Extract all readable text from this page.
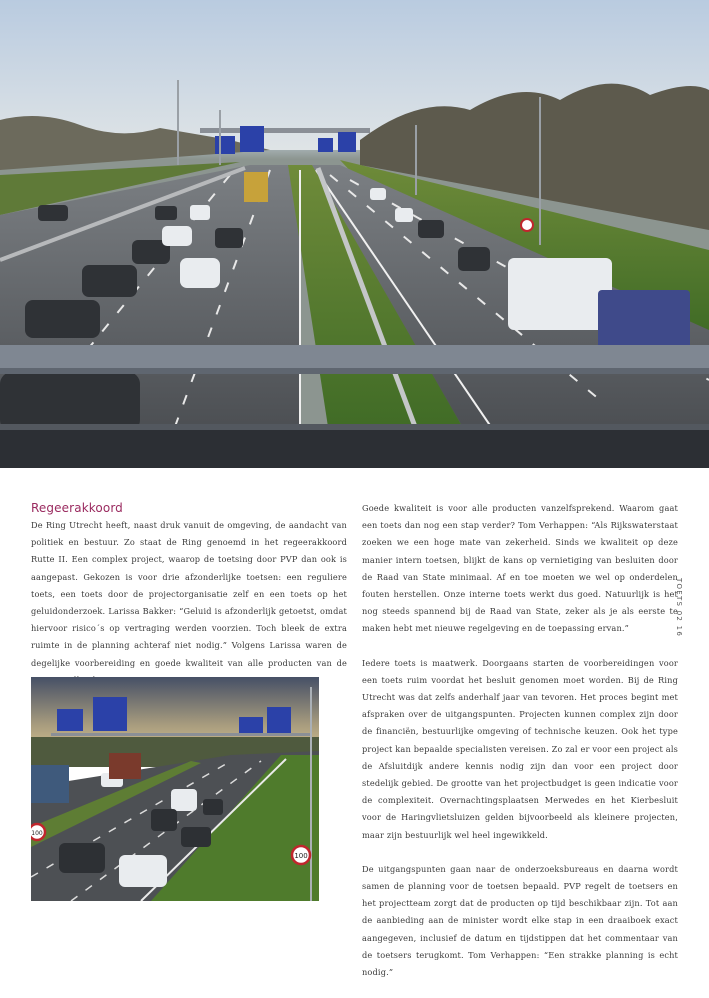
Regeerakkoord

De Ring Utrecht heeft, naast druk vanuit de omgeving, de aandacht van politiek en bestuur. Zo staat de Ring genoemd in het regeerakkoord Rutte II. Een complex project, waarop de toetsing door PVP dan ook is aangepast. Gekozen is voor drie afzonderlijke toetsen: een reguliere toets, een toets door de projectorganisatie zelf en een toets op het geluidonderzoek. Larissa Bakker: “Geluid is afzonderlijk getoetst, omdat hiervoor risico´s op vertraging werden voorzien. Toch bleek de extra ruimte in de planning achteraf niet nodig.” Volgens Larissa waren de degelijke voorbereiding en goede kwaliteit van alle producten van de

100
100

Goede kwaliteit is voor alle producten vanzelfsprekend. Waarom gaat een toets dan nog een stap verder? Tom Verhappen: “Als Rijkswaterstaat zoeken we een hoge mate van zekerheid. Sinds we kwaliteit op deze manier intern toetsen, blijkt de kans op vernietiging van besluiten door de Raad van State minimaal. Af en toe moeten we wel op onderdelen fouten herstellen. Onze interne toets werkt dus goed. Natuurlijk is het nog steeds spannend bij de Raad van State, zeker als je als eerste te maken hebt met nieuwe regelgeving en de toepassing ervan.”

Iedere toets is maatwerk. Doorgaans starten de voorbereidingen voor een toets ruim voordat het besluit genomen moet worden. Bij de Ring Utrecht was dat zelfs anderhalf jaar van tevoren. Het proces begint met afspraken over de uitgangspunten. Projecten kunnen complex zijn door de financiën, bestuurlijke omgeving of technische keuzen. Ook het type project kan bepaalde specialisten vereisen. Zo zal er voor een project als de Afsluitdijk andere kennis nodig zijn dan voor een project door stedelijk gebied. De grootte van het projectbudget is geen indicatie voor de complexiteit. Overnachtingsplaatsen Merwedes en het Kierbesluit voor de Haringvlietsluizen gelden bijvoorbeeld als kleinere projecten, maar zijn bestuurlijk wel heel ingewikkeld.

De uitgangspunten gaan naar de onderzoeksbureaus en daarna wordt samen de planning voor de toetsen bepaald. PVP regelt de toetsers en het projectteam zorgt dat de producten op tijd beschikbaar zijn. Tot aan de aanbieding aan de minister wordt elke stap in een draaiboek exact aangegeven, inclusief de datum en tijdstippen dat het commentaar van de toetsers terugkomt. Tom Verhappen: “Een strakke planning is echt nodig.”

TOETS 02 16
